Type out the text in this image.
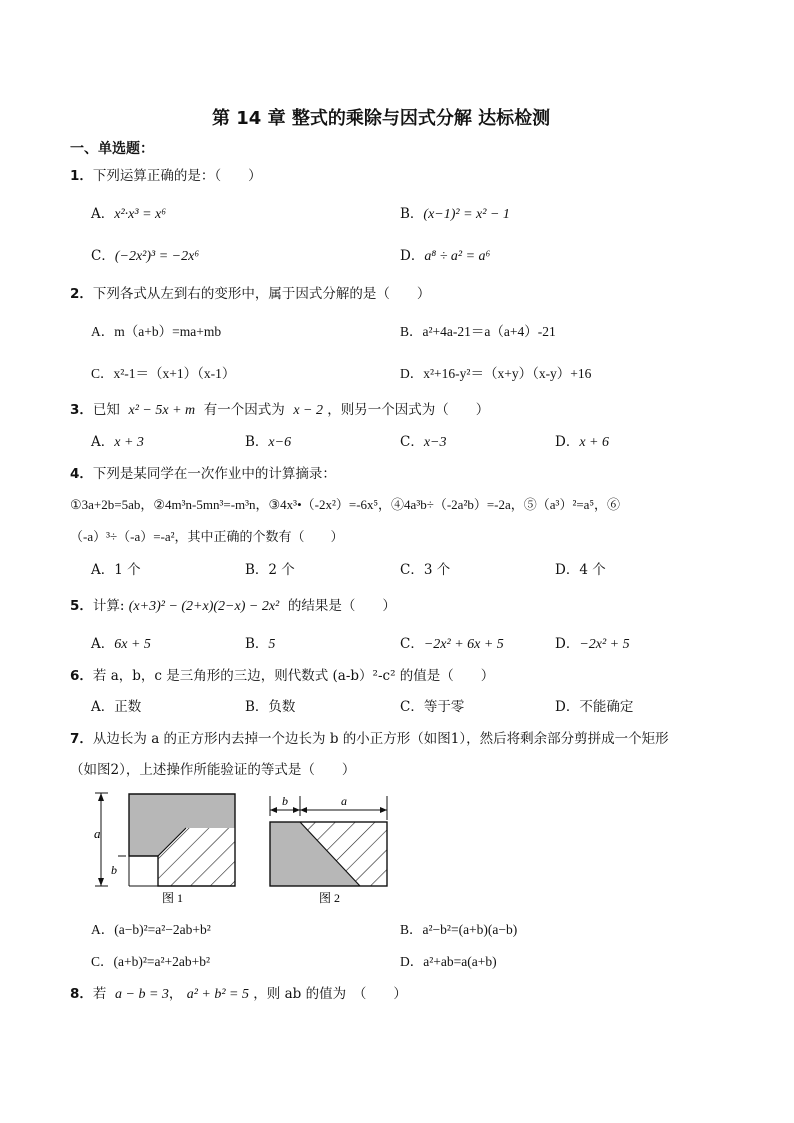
第 14 章 整式的乘除与因式分解 达标检测
一、单选题：
1．下列运算正确的是：（　　）
A．x²·x³ = x⁶	B．(x−1)² = x² − 1
C．(−2x²)³ = −2x⁶	D．a⁸ ÷ a² = a⁶
2．下列各式从左到右的变形中，属于因式分解的是（　　）
A．m（a+b）=ma+mb	B．a²+4a-21＝a（a+4）-21
C．x²-1＝（x+1）（x-1）	D．x²+16-y²＝（x+y）（x-y）+16
3．已知 x² − 5x + m 有一个因式为 x − 2 ，则另一个因式为（　　）
A．x + 3	B．x−6	C．x−3	D．x + 6
4．下列是某同学在一次作业中的计算摘录：
①3a+2b=5ab，②4m³n-5mn³=-m³n，③4x³•（-2x²）=-6x⁵，④4a³b÷（-2a²b）=-2a，⑤（a³）²=a⁵，⑥
（-a）³÷（-a）=-a²，其中正确的个数有（　　）
A．1 个	B．2 个	C．3 个	D．4 个
5．计算: (x+3)² − (2+x)(2−x) − 2x² 的结果是（　　）
A．6x + 5	B．5	C．−2x² + 6x + 5	D．−2x² + 5
6．若 a，b，c 是三角形的三边，则代数式 (a-b）²-c² 的值是（　　）
A．正数	B．负数	C．等于零	D．不能确定
7．从边长为 a 的正方形内去掉一个边长为 b 的小正方形（如图1），然后将剩余部分剪拼成一个矩形
（如图2），上述操作所能验证的等式是（　　）
a
b
图 1
b	a
图 2
A．(a−b)²=a²−2ab+b²	B．a²−b²=(a+b)(a−b)
C．(a+b)²=a²+2ab+b²	D．a²+ab=a(a+b)
8．若 a − b = 3， a² + b² = 5 ，则 ab 的值为　（　　）
